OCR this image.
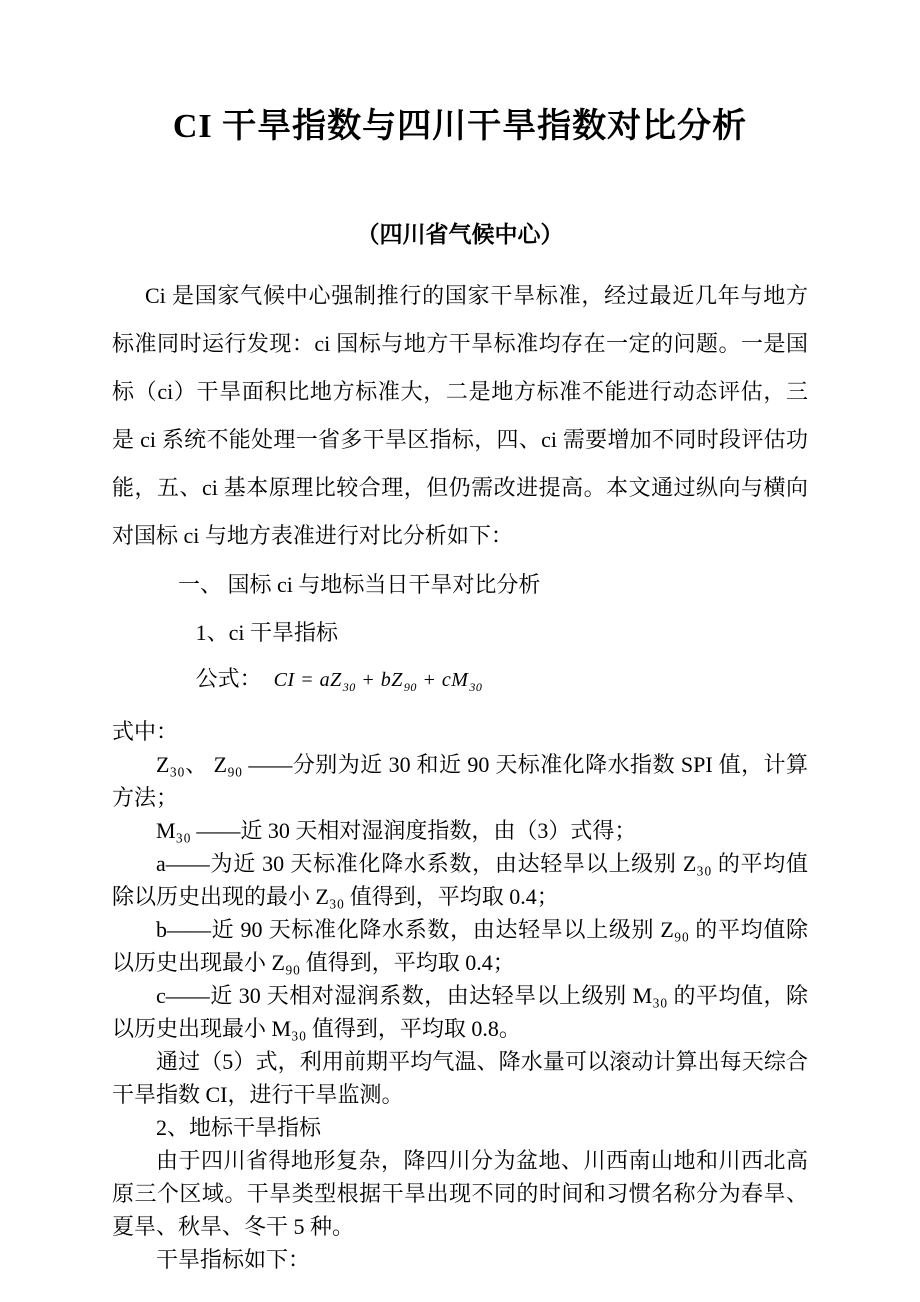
CI 干旱指数与四川干旱指数对比分析
（四川省气候中心）

Ci 是国家气候中心强制推行的国家干旱标准，经过最近几年与地方标准同时运行发现：ci 国标与地方干旱标准均存在一定的问题。一是国标（ci）干旱面积比地方标准大，二是地方标准不能进行动态评估，三是 ci 系统不能处理一省多干旱区指标，四、ci 需要增加不同时段评估功能，五、ci 基本原理比较合理，但仍需改进提高。本文通过纵向与横向对国标 ci 与地方表准进行对比分析如下：

一、 国标 ci 与地标当日干旱对比分析

1、ci 干旱指标

公式： CI = $aZ_{30} + bZ_{90} + cM_{30}$

式中：

Z₃₀、 Z₉₀ ——分别为近 30 和近 90 天标准化降水指数 SPI 值，计算方法；

M₃₀ ——近 30 天相对湿润度指数，由（3）式得；

a——为近 30 天标准化降水系数，由达轻旱以上级别 Z₃₀ 的平均值除以历史出现的最小 Z₃₀ 值得到，平均取 0.4；

b——近 90 天标准化降水系数，由达轻旱以上级别 Z₉₀ 的平均值除以历史出现最小 Z₉₀ 值得到，平均取 0.4；

c——近 30 天相对湿润系数，由达轻旱以上级别 M₃₀ 的平均值，除以历史出现最小 M₃₀ 值得到，平均取 0.8。

通过（5）式，利用前期平均气温、降水量可以滚动计算出每天综合干旱指数 CI，进行干旱监测。

2、地标干旱指标

由于四川省得地形复杂，降四川分为盆地、川西南山地和川西北高原三个区域。干旱类型根据干旱出现不同的时间和习惯名称分为春旱、夏旱、秋旱、冬干 5 种。

干旱指标如下：
